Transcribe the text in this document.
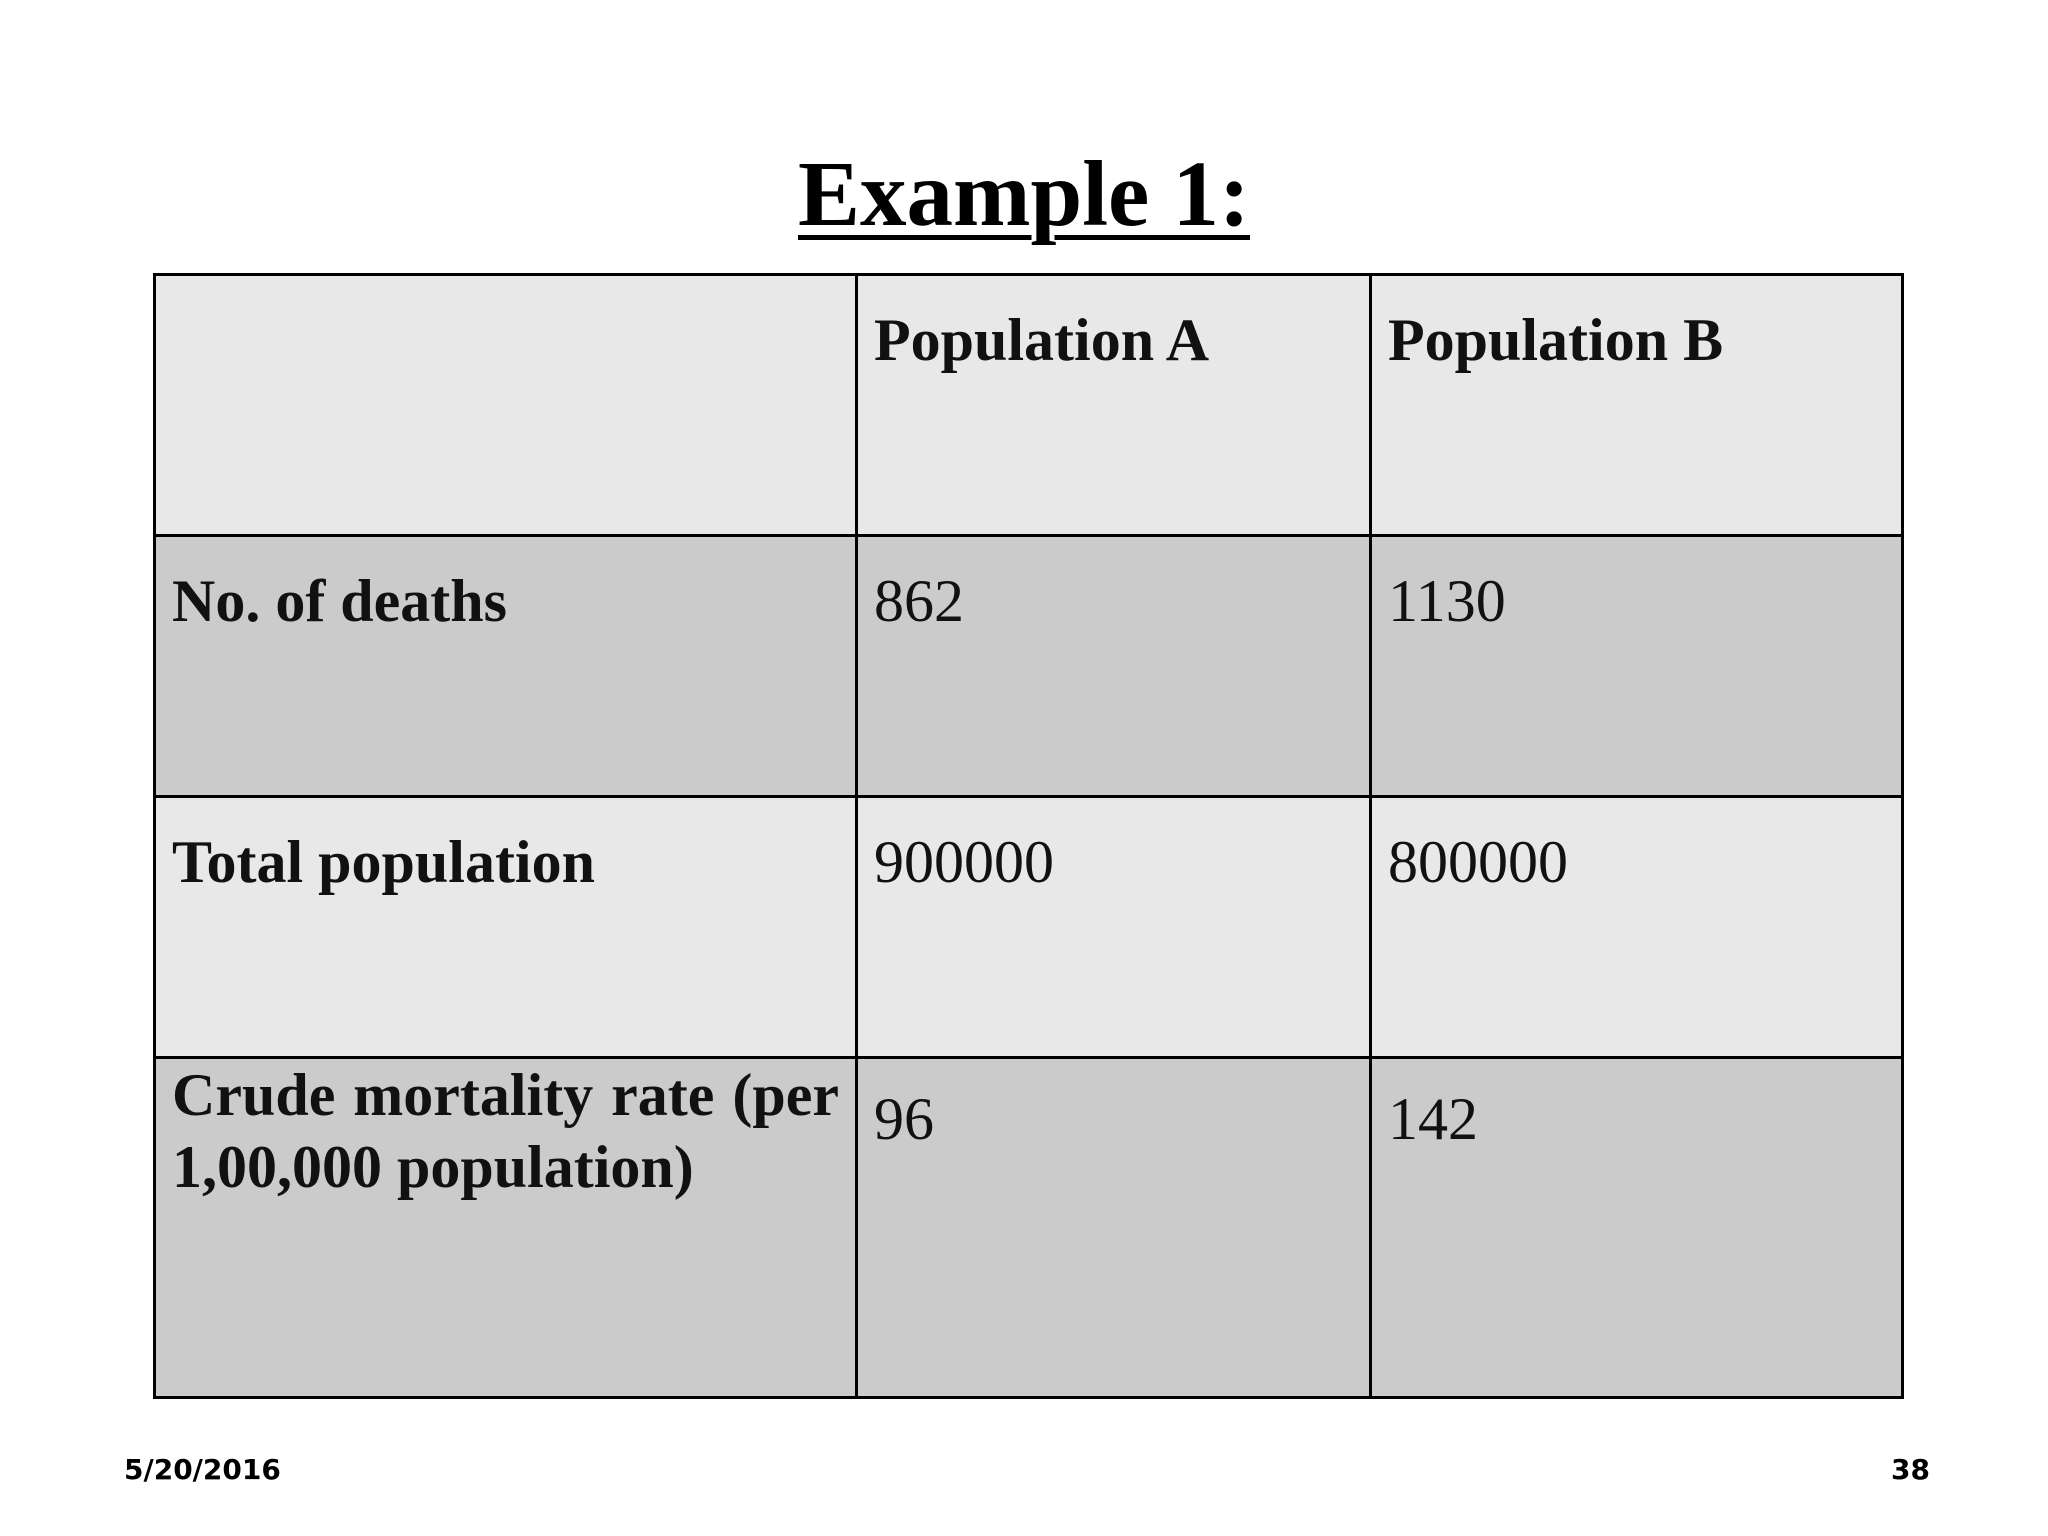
Example 1:
	Population A	Population B
No. of deaths	862	1130
Total population	900000	800000
Crude mortality rate (per 1,00,000 population)	96	142
5/20/2016	38
